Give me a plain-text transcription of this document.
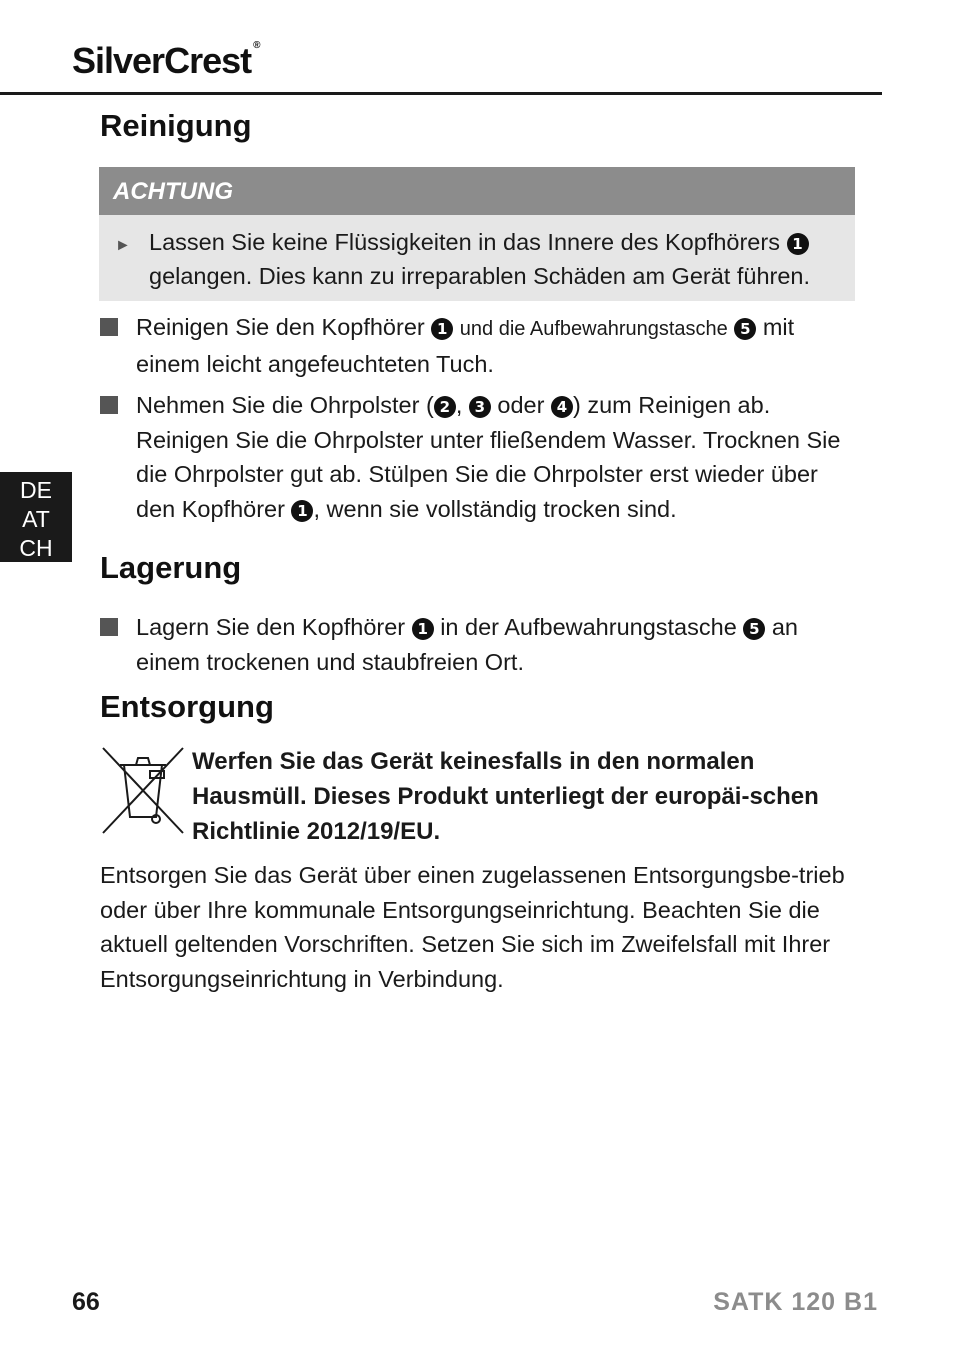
SilverCrest ®
Reinigung
ACHTUNG
► Lassen Sie keine Flüssigkeiten in das Innere des Kopfhörers 1 gelangen. Dies kann zu irreparablen Schäden am Gerät führen.
Reinigen Sie den Kopfhörer 1 und die Aufbewahrungstasche 5 mit einem leicht angefeuchteten Tuch.
Nehmen Sie die Ohrpolster ( 2 , 3 oder 4 ) zum Reinigen ab. Reinigen Sie die Ohrpolster unter fließendem Wasser. Trocknen Sie die Ohrpolster gut ab. Stülpen Sie die Ohrpolster erst wieder über den Kopfhörer 1 , wenn sie vollständig trocken sind.
DE
AT
CH
Lagerung
Lagern Sie den Kopfhörer 1 in der Aufbewahrungstasche 5 an einem trockenen und staubfreien Ort.
Entsorgung
Werfen Sie das Gerät keinesfalls in den normalen Hausmüll. Dieses Produkt unterliegt der europäi-schen Richtlinie 2012/19/EU.
Entsorgen Sie das Gerät über einen zugelassenen Entsorgungsbe-trieb oder über Ihre kommunale Entsorgungseinrichtung. Beachten Sie die aktuell geltenden Vorschriften. Setzen Sie sich im Zweifelsfall mit Ihrer Entsorgungseinrichtung in Verbindung.
66	SATK 120 B1
